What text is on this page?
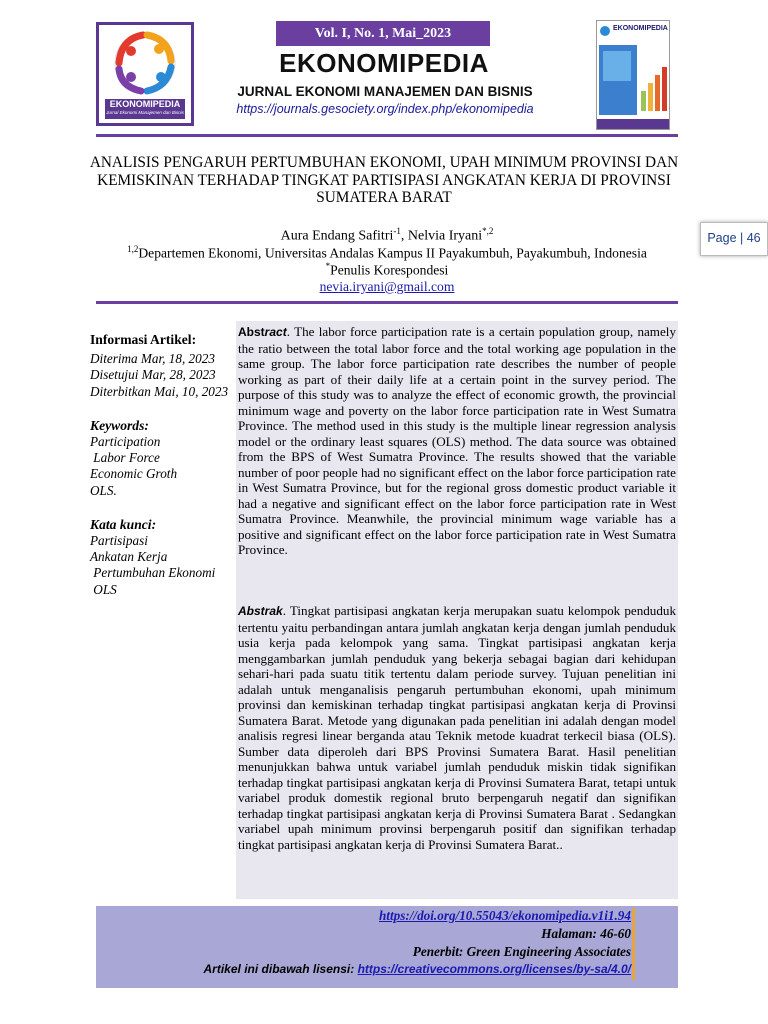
EKONOMIPEDIA
Jurnal Ekonomi Manajemen dan Bisnis
Vol. I, No. 1, Mai_2023
EKONOMIPEDIA
JURNAL EKONOMI MANAJEMEN DAN BISNIS
https://journals.gesociety.org/index.php/ekonomipedia
EKONOMIPEDIA
Page | 46
ANALISIS PENGARUH PERTUMBUHAN EKONOMI, UPAH MINIMUM PROVINSI DAN KEMISKINAN TERHADAP TINGKAT PARTISIPASI ANGKATAN KERJA DI PROVINSI SUMATERA BARAT
Aura Endang Safitri$^{-1}$, Nelvia Iryani$^{*,2}$
$^{1,2}$Departemen Ekonomi, Universitas Andalas Kampus II Payakumbuh, Payakumbuh, Indonesia
*Penulis Korespondesi
nevia.iryani@gmail.com
Informasi Artikel:
Diterima Mar, 18, 2023
Disetujui Mar, 28, 2023
Diterbitkan Mai, 10, 2023
Keywords:
Participation
Labor Force
Economic Groth
OLS.
Kata kunci:
Partisipasi
Ankatan Kerja
Pertumbuhan Ekonomi
OLS

Abstract. The labor force participation rate is a certain population group, namely the ratio between the total labor force and the total working age population in the same group. The labor force participation rate describes the number of people working as part of their daily life at a certain point in the survey period. The purpose of this study was to analyze the effect of economic growth, the provincial minimum wage and poverty on the labor force participation rate in West Sumatra Province. The method used in this study is the multiple linear regression analysis model or the ordinary least squares (OLS) method. The data source was obtained from the BPS of West Sumatra Province. The results showed that the variable number of poor people had no significant effect on the labor force participation rate in West Sumatra Province, but for the regional gross domestic product variable it had a negative and significant effect on the labor force participation rate in West Sumatra Province. Meanwhile, the provincial minimum wage variable has a positive and significant effect on the labor force participation rate in West Sumatra Province.

Abstrak. Tingkat partisipasi angkatan kerja merupakan suatu kelompok penduduk tertentu yaitu perbandingan antara jumlah angkatan kerja dengan jumlah penduduk usia kerja pada kelompok yang sama. Tingkat partisipasi angkatan kerja menggambarkan jumlah penduduk yang bekerja sebagai bagian dari kehidupan sehari-hari pada suatu titik tertentu dalam periode survey. Tujuan penelitian ini adalah untuk menganalisis pengaruh pertumbuhan ekonomi, upah minimum provinsi dan kemiskinan terhadap tingkat partisipasi angkatan kerja di Provinsi Sumatera Barat. Metode yang digunakan pada penelitian ini adalah dengan model analisis regresi linear berganda atau Teknik metode kuadrat terkecil biasa (OLS). Sumber data diperoleh dari BPS Provinsi Sumatera Barat. Hasil penelitian menunjukkan bahwa untuk variabel jumlah penduduk miskin tidak signifikan terhadap tingkat partisipasi angkatan kerja di Provinsi Sumatera Barat, tetapi untuk variabel produk domestik regional bruto berpengaruh negatif dan signifikan terhadap tingkat partisipasi angkatan kerja di Provinsi Sumatera Barat . Sedangkan variabel upah minimum provinsi berpengaruh positif dan signifikan terhadap tingkat partisipasi angkatan kerja di Provinsi Sumatera Barat..

https://doi.org/10.55043/ekonomipedia.v1i1.94
Halaman: 46-60
Penerbit: Green Engineering Associates
Artikel ini dibawah lisensi: https://creativecommons.org/licenses/by-sa/4.0/
